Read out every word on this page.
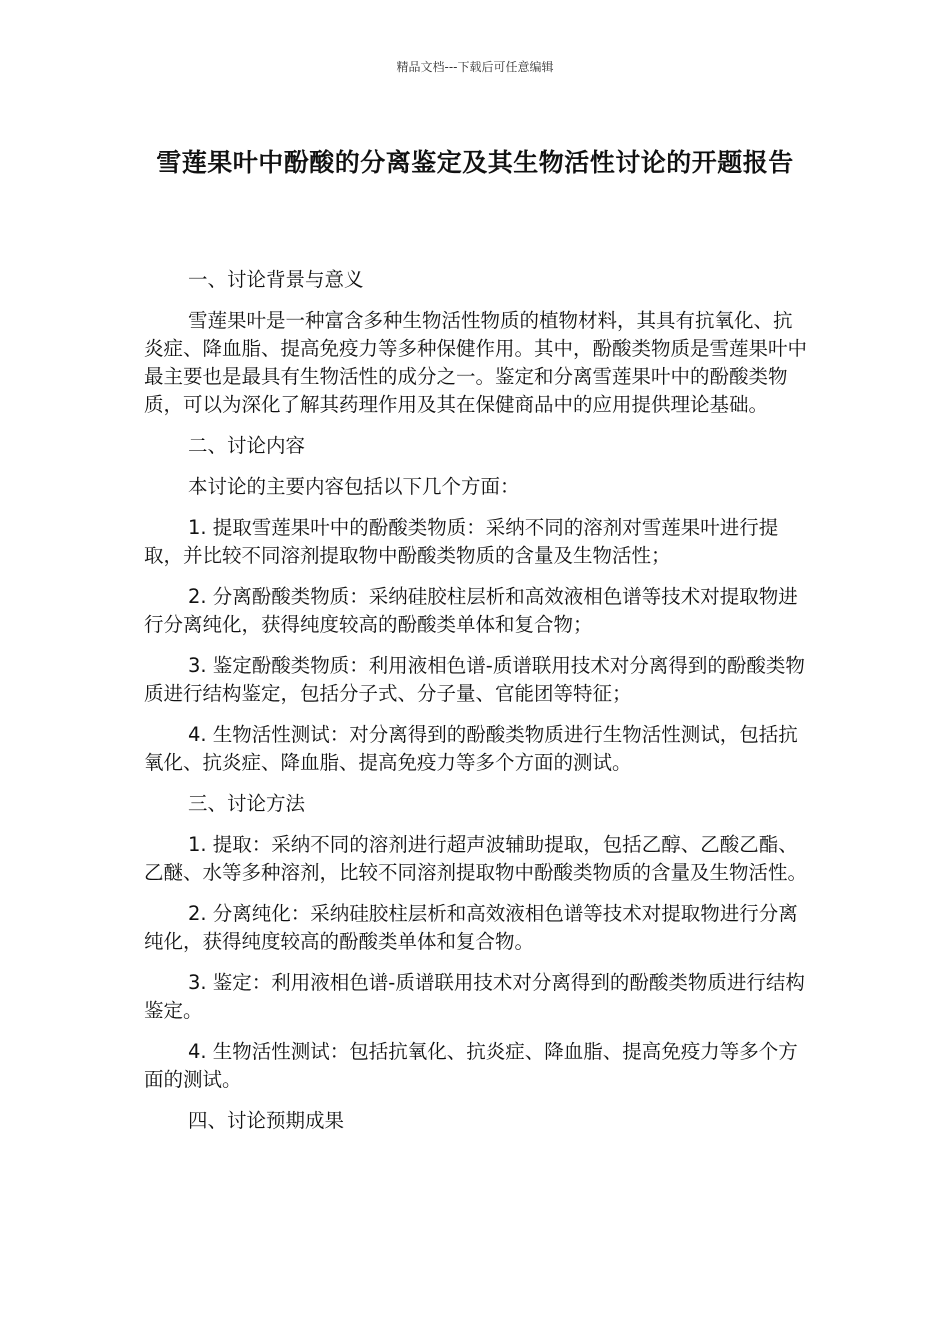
精品文档---下载后可任意编辑
雪莲果叶中酚酸的分离鉴定及其生物活性讨论的开题报告

一、讨论背景与意义

雪莲果叶是一种富含多种生物活性物质的植物材料，其具有抗氧化、抗炎症、降血脂、提高免疫力等多种保健作用。其中，酚酸类物质是雪莲果叶中最主要也是最具有生物活性的成分之一。鉴定和分离雪莲果叶中的酚酸类物质，可以为深化了解其药理作用及其在保健商品中的应用提供理论基础。

二、讨论内容

本讨论的主要内容包括以下几个方面：

1. 提取雪莲果叶中的酚酸类物质：采纳不同的溶剂对雪莲果叶进行提取，并比较不同溶剂提取物中酚酸类物质的含量及生物活性；

2. 分离酚酸类物质：采纳硅胶柱层析和高效液相色谱等技术对提取物进行分离纯化，获得纯度较高的酚酸类单体和复合物；

3. 鉴定酚酸类物质：利用液相色谱-质谱联用技术对分离得到的酚酸类物质进行结构鉴定，包括分子式、分子量、官能团等特征；

4. 生物活性测试：对分离得到的酚酸类物质进行生物活性测试，包括抗氧化、抗炎症、降血脂、提高免疫力等多个方面的测试。

三、讨论方法

1. 提取：采纳不同的溶剂进行超声波辅助提取，包括乙醇、乙酸乙酯、乙醚、水等多种溶剂，比较不同溶剂提取物中酚酸类物质的含量及生物活性。

2. 分离纯化：采纳硅胶柱层析和高效液相色谱等技术对提取物进行分离纯化，获得纯度较高的酚酸类单体和复合物。

3. 鉴定：利用液相色谱-质谱联用技术对分离得到的酚酸类物质进行结构鉴定。

4. 生物活性测试：包括抗氧化、抗炎症、降血脂、提高免疫力等多个方面的测试。

四、讨论预期成果
